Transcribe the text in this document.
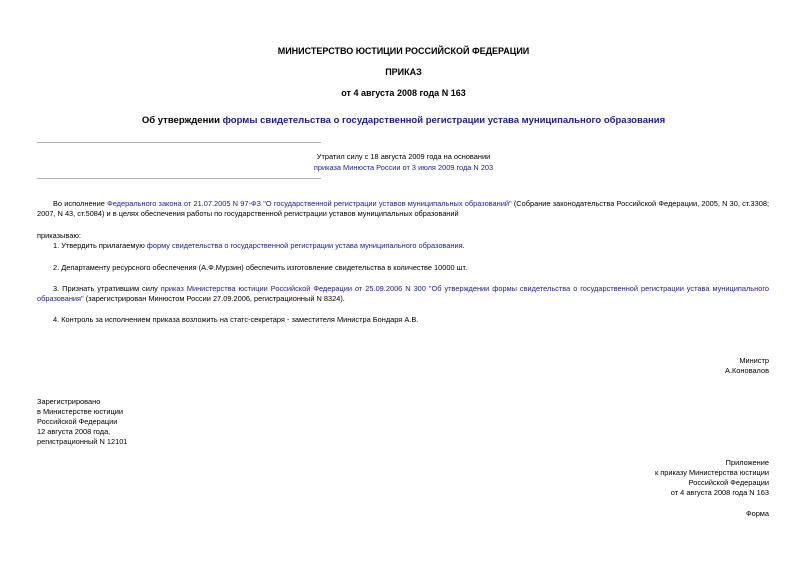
МИНИСТЕРСТВО ЮСТИЦИИ РОССИЙСКОЙ ФЕДЕРАЦИИ
ПРИКАЗ
от 4 августа 2008 года N 163
Об утверждении формы свидетельства о государственной регистрации устава муниципального образования
Утратил силу с 18 августа 2009 года на основании
приказа Минюста России от 3 июля 2009 года N 203
Во исполнение Федерального закона от 21.07.2005 N 97-ФЗ "О государственной регистрации уставов муниципальных образований" (Собрание законодательства Российской Федерации, 2005, N 30, ст.3308; 2007, N 43, ст.5084) и в целях обеспечения работы по государственной регистрации уставов муниципальных образований
приказываю:
1. Утвердить прилагаемую форму свидетельства о государственной регистрации устава муниципального образования.
2. Департаменту ресурсного обеспечения (А.Ф.Мурзин) обеспечить изготовление свидетельства в количестве 10000 шт.
3. Признать утратившим силу приказ Министерства юстиции Российской Федерации от 25.09.2006 N 300 "Об утверждении формы свидетельства о государственной регистрации устава муниципального образования" (зарегистрирован Минюстом России 27.09.2006, регистрационный N 8324).
4. Контроль за исполнением приказа возложить на статс-секретаря - заместителя Министра Бондаря А.В.
Министр
А.Коновалов
Зарегистрировано
в Министерстве юстиции
Российской Федерации
12 августа 2008 года,
регистрационный N 12101
Приложение
к приказу Министерства юстиции
Российской Федерации
от 4 августа 2008 года N 163
Форма
